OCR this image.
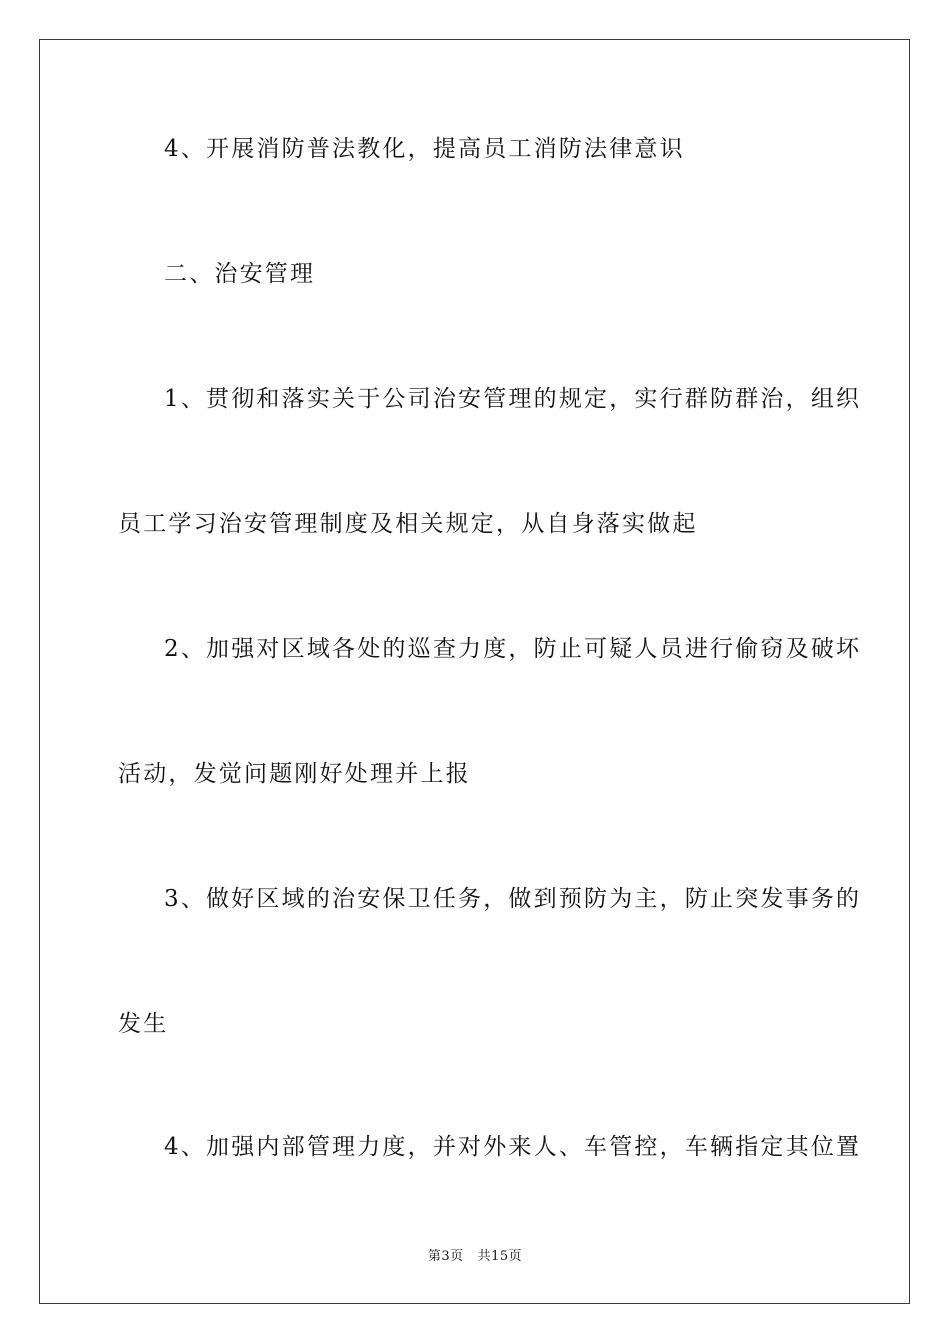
4、开展消防普法教化，提高员工消防法律意识
二、治安管理
1、贯彻和落实关于公司治安管理的规定，实行群防群治，组织
员工学习治安管理制度及相关规定，从自身落实做起
2、加强对区域各处的巡查力度，防止可疑人员进行偷窃及破坏
活动，发觉问题刚好处理并上报
3、做好区域的治安保卫任务，做到预防为主，防止突发事务的
发生
4、加强内部管理力度，并对外来人、车管控，车辆指定其位置
第3页 共15页
